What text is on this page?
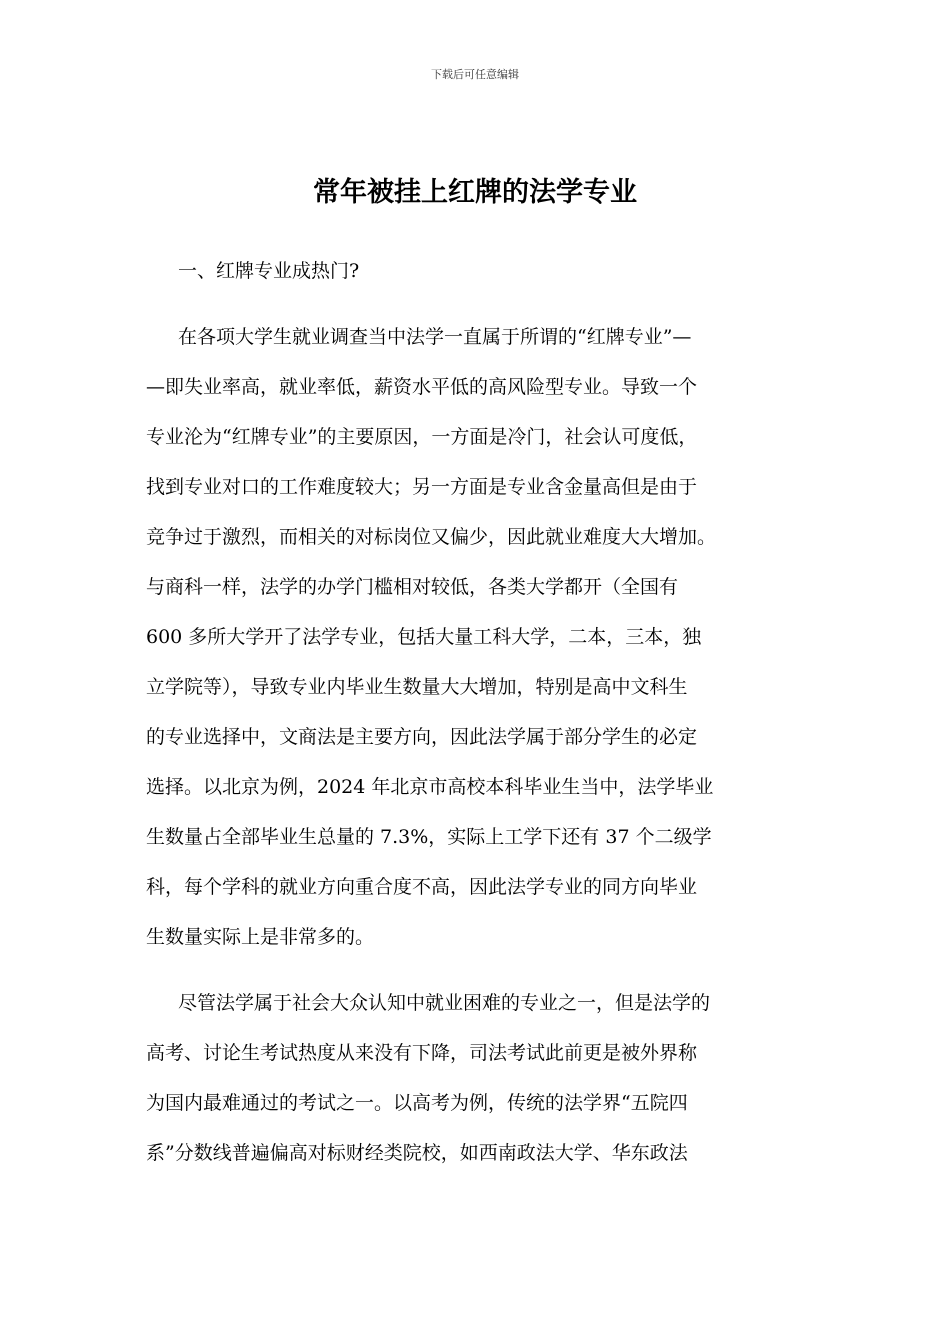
下载后可任意编辑
常年被挂上红牌的法学专业
一、红牌专业成热门?
在各项大学生就业调查当中法学一直属于所谓的“红牌专业”—
—即失业率高，就业率低，薪资水平低的高风险型专业。导致一个
专业沦为“红牌专业”的主要原因，一方面是冷门，社会认可度低，
找到专业对口的工作难度较大；另一方面是专业含金量高但是由于
竞争过于激烈，而相关的对标岗位又偏少，因此就业难度大大增加。
与商科一样，法学的办学门槛相对较低，各类大学都开（全国有
600 多所大学开了法学专业，包括大量工科大学，二本，三本，独
立学院等），导致专业内毕业生数量大大增加，特别是高中文科生
的专业选择中，文商法是主要方向，因此法学属于部分学生的必定
选择。以北京为例，2024 年北京市高校本科毕业生当中，法学毕业
生数量占全部毕业生总量的 7.3%，实际上工学下还有 37 个二级学
科，每个学科的就业方向重合度不高，因此法学专业的同方向毕业
生数量实际上是非常多的。
尽管法学属于社会大众认知中就业困难的专业之一，但是法学的
高考、讨论生考试热度从来没有下降，司法考试此前更是被外界称
为国内最难通过的考试之一。以高考为例，传统的法学界“五院四
系”分数线普遍偏高对标财经类院校，如西南政法大学、华东政法
